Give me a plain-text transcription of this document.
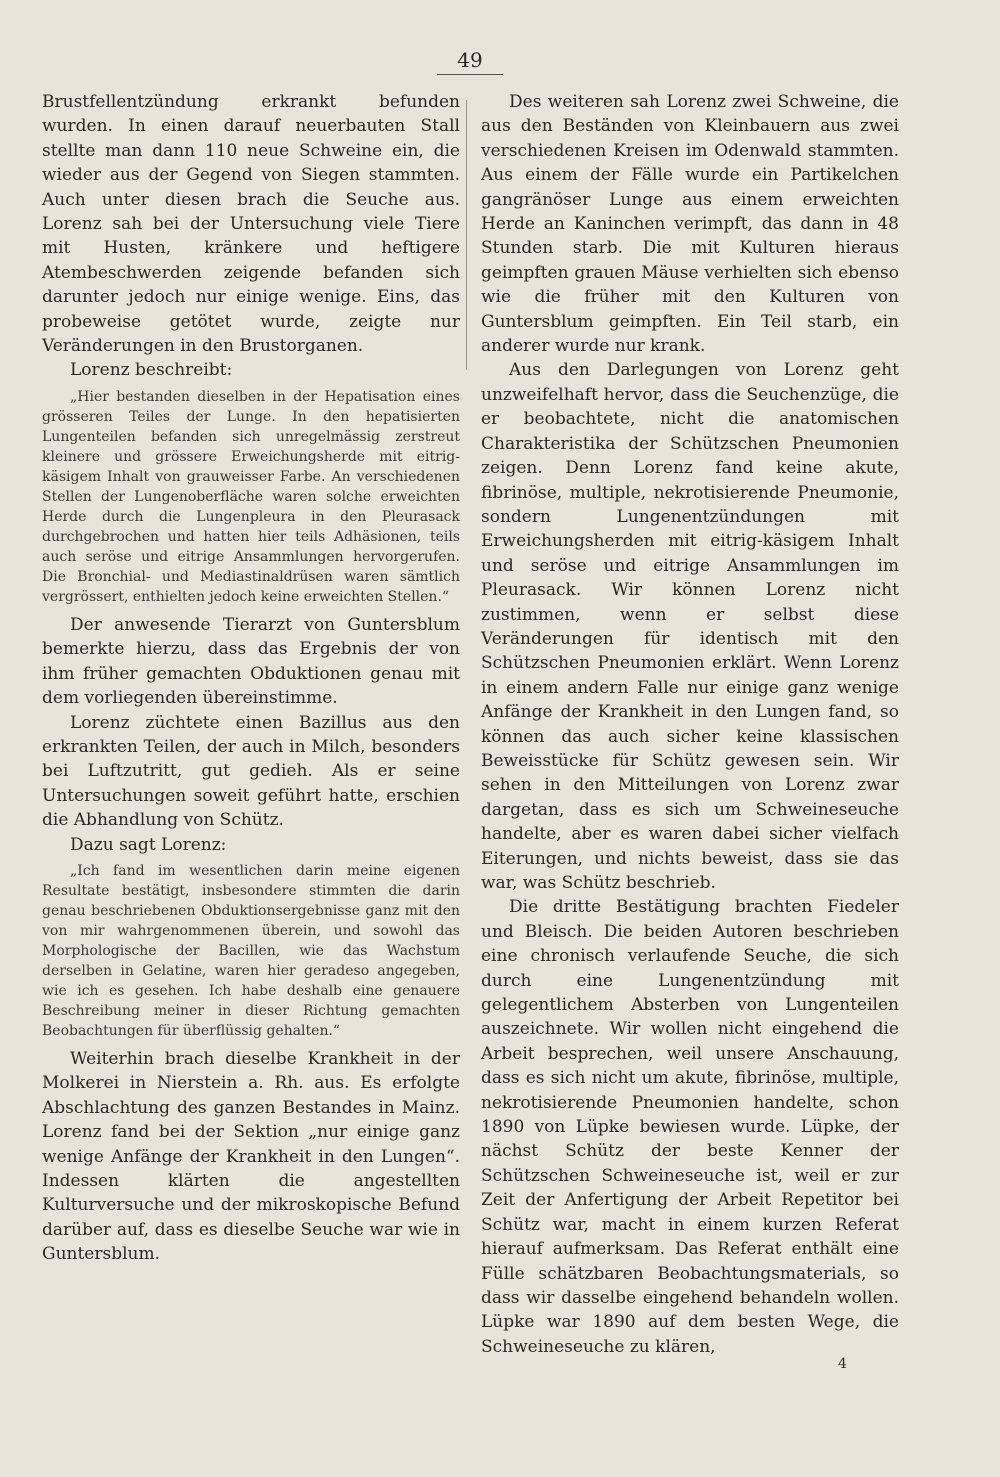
49

Brustfellentzündung erkrankt befunden wurden. In einen darauf neuerbauten Stall stellte man dann 110 neue Schweine ein, die wieder aus der Gegend von Siegen stammten. Auch unter diesen brach die Seuche aus. Lorenz sah bei der Untersuchung viele Tiere mit Husten, kränkere und heftigere Atembeschwerden zeigende befanden sich darunter jedoch nur einige wenige. Eins, das probeweise getötet wurde, zeigte nur Veränderungen in den Brustorganen.

Lorenz beschreibt:

„Hier bestanden dieselben in der Hepatisation eines grösseren Teiles der Lunge. In den hepatisierten Lungenteilen befanden sich unregelmässig zerstreut kleinere und grössere Erweichungsherde mit eitrig-käsigem Inhalt von grauweisser Farbe. An verschiedenen Stellen der Lungenoberfläche waren solche erweichten Herde durch die Lungenpleura in den Pleurasack durchgebrochen und hatten hier teils Adhäsionen, teils auch seröse und eitrige Ansammlungen hervorgerufen. Die Bronchial- und Mediastinaldrüsen waren sämtlich vergrössert, enthielten jedoch keine erweichten Stellen.“

Der anwesende Tierarzt von Guntersblum bemerkte hierzu, dass das Ergebnis der von ihm früher gemachten Obduktionen genau mit dem vorliegenden übereinstimme.

Lorenz züchtete einen Bazillus aus den erkrankten Teilen, der auch in Milch, besonders bei Luftzutritt, gut gedieh. Als er seine Untersuchungen soweit geführt hatte, erschien die Abhandlung von Schütz.

Dazu sagt Lorenz:

„Ich fand im wesentlichen darin meine eigenen Resultate bestätigt, insbesondere stimmten die darin genau beschriebenen Obduktionsergebnisse ganz mit den von mir wahrgenommenen überein, und sowohl das Morphologische der Bacillen, wie das Wachstum derselben in Gelatine, waren hier geradeso angegeben, wie ich es gesehen. Ich habe deshalb eine genauere Beschreibung meiner in dieser Richtung gemachten Beobachtungen für überflüssig gehalten.“

Weiterhin brach dieselbe Krankheit in der Molkerei in Nierstein a. Rh. aus. Es erfolgte Abschlachtung des ganzen Bestandes in Mainz. Lorenz fand bei der Sektion „nur einige ganz wenige Anfänge der Krankheit in den Lungen“. Indessen klärten die angestellten Kulturversuche und der mikroskopische Befund darüber auf, dass es dieselbe Seuche war wie in Guntersblum.

Des weiteren sah Lorenz zwei Schweine, die aus den Beständen von Kleinbauern aus zwei verschiedenen Kreisen im Odenwald stammten. Aus einem der Fälle wurde ein Partikelchen gangränöser Lunge aus einem erweichten Herde an Kaninchen verimpft, das dann in 48 Stunden starb. Die mit Kulturen hieraus geimpften grauen Mäuse verhielten sich ebenso wie die früher mit den Kulturen von Guntersblum geimpften. Ein Teil starb, ein anderer wurde nur krank.

Aus den Darlegungen von Lorenz geht unzweifelhaft hervor, dass die Seuchenzüge, die er beobachtete, nicht die anatomischen Charakteristika der Schützschen Pneumonien zeigen. Denn Lorenz fand keine akute, fibrinöse, multiple, nekrotisierende Pneumonie, sondern Lungenentzündungen mit Erweichungsherden mit eitrig-käsigem Inhalt und seröse und eitrige Ansammlungen im Pleurasack. Wir können Lorenz nicht zustimmen, wenn er selbst diese Veränderungen für identisch mit den Schützschen Pneumonien erklärt. Wenn Lorenz in einem andern Falle nur einige ganz wenige Anfänge der Krankheit in den Lungen fand, so können das auch sicher keine klassischen Beweisstücke für Schütz gewesen sein. Wir sehen in den Mitteilungen von Lorenz zwar dargetan, dass es sich um Schweineseuche handelte, aber es waren dabei sicher vielfach Eiterungen, und nichts beweist, dass sie das war, was Schütz beschrieb.

Die dritte Bestätigung brachten Fiedeler und Bleisch. Die beiden Autoren beschrieben eine chronisch verlaufende Seuche, die sich durch eine Lungenentzündung mit gelegentlichem Absterben von Lungenteilen auszeichnete. Wir wollen nicht eingehend die Arbeit besprechen, weil unsere Anschauung, dass es sich nicht um akute, fibrinöse, multiple, nekrotisierende Pneumonien handelte, schon 1890 von Lüpke bewiesen wurde. Lüpke, der nächst Schütz der beste Kenner der Schützschen Schweineseuche ist, weil er zur Zeit der Anfertigung der Arbeit Repetitor bei Schütz war, macht in einem kurzen Referat hierauf aufmerksam. Das Referat enthält eine Fülle schätzbaren Beobachtungsmaterials, so dass wir dasselbe eingehend behandeln wollen. Lüpke war 1890 auf dem besten Wege, die Schweineseuche zu klären,

4
